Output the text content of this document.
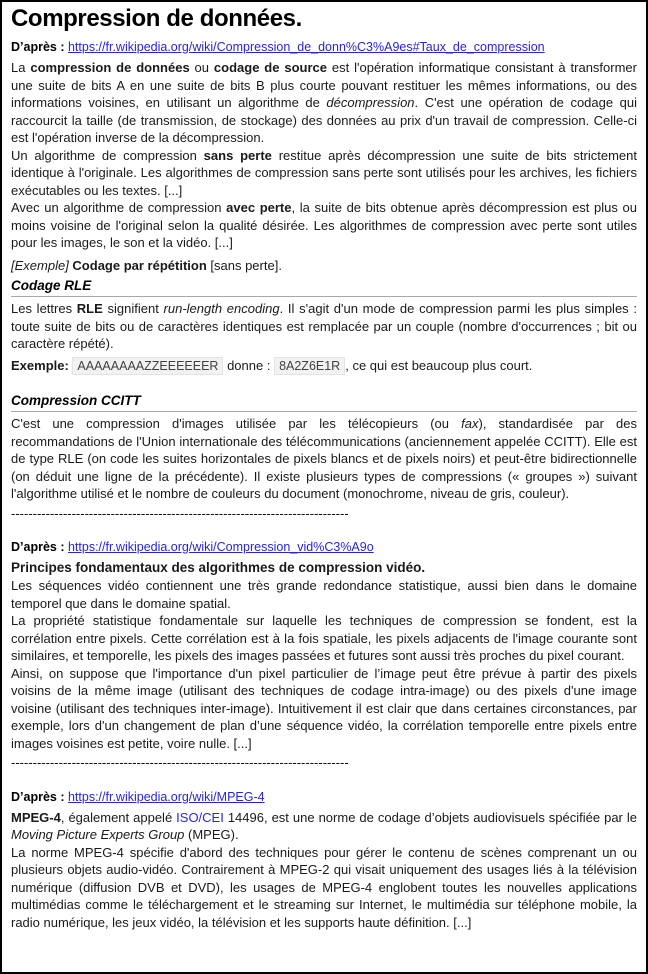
Compression de données.
D’après : https://fr.wikipedia.org/wiki/Compression_de_donn%C3%A9es#Taux_de_compression

La compression de données ou codage de source est l'opération informatique consistant à transformer une suite de bits A en une suite de bits B plus courte pouvant restituer les mêmes informations, ou des informations voisines, en utilisant un algorithme de décompression. C'est une opération de codage qui raccourcit la taille (de transmission, de stockage) des données au prix d'un travail de compression. Celle-ci est l'opération inverse de la décompression.

Un algorithme de compression sans perte restitue après décompression une suite de bits strictement identique à l'originale. Les algorithmes de compression sans perte sont utilisés pour les archives, les fichiers exécutables ou les textes. [...]

Avec un algorithme de compression avec perte, la suite de bits obtenue après décompression est plus ou moins voisine de l'original selon la qualité désirée. Les algorithmes de compression avec perte sont utiles pour les images, le son et la vidéo. [...]

[Exemple] Codage par répétition [sans perte].

Codage RLE

Les lettres RLE signifient run-length encoding. Il s'agit d'un mode de compression parmi les plus simples : toute suite de bits ou de caractères identiques est remplacée par un couple (nombre d'occurrences ; bit ou caractère répété).

Exemple: AAAAAAAAZZEEEEEER donne : 8A2Z6E1R , ce qui est beaucoup plus court.

Compression CCITT

C'est une compression d'images utilisée par les télécopieurs (ou fax), standardisée par des recommandations de l'Union internationale des télécommunications (anciennement appelée CCITT). Elle est de type RLE (on code les suites horizontales de pixels blancs et de pixels noirs) et peut-être bidirectionnelle (on déduit une ligne de la précédente). Il existe plusieurs types de compressions (« groupes ») suivant l'algorithme utilisé et le nombre de couleurs du document (monochrome, niveau de gris, couleur).

------------------------------------------------------------------------------
D’après : https://fr.wikipedia.org/wiki/Compression_vid%C3%A9o

Principes fondamentaux des algorithmes de compression vidéo.

Les séquences vidéo contiennent une très grande redondance statistique, aussi bien dans le domaine temporel que dans le domaine spatial.

La propriété statistique fondamentale sur laquelle les techniques de compression se fondent, est la corrélation entre pixels. Cette corrélation est à la fois spatiale, les pixels adjacents de l'image courante sont similaires, et temporelle, les pixels des images passées et futures sont aussi très proches du pixel courant.

Ainsi, on suppose que l'importance d'un pixel particulier de l’image peut être prévue à partir des pixels voisins de la même image (utilisant des techniques de codage intra-image) ou des pixels d'une image voisine (utilisant des techniques inter-image). Intuitivement il est clair que dans certaines circonstances, par exemple, lors d'un changement de plan d’une séquence vidéo, la corrélation temporelle entre pixels entre images voisines est petite, voire nulle. [...]

------------------------------------------------------------------------------
D’après : https://fr.wikipedia.org/wiki/MPEG-4

MPEG-4, également appelé ISO/CEI 14496, est une norme de codage d’objets audiovisuels spécifiée par le Moving Picture Experts Group (MPEG).

La norme MPEG-4 spécifie d'abord des techniques pour gérer le contenu de scènes comprenant un ou plusieurs objets audio-vidéo. Contrairement à MPEG-2 qui visait uniquement des usages liés à la télévision numérique (diffusion DVB et DVD), les usages de MPEG-4 englobent toutes les nouvelles applications multimédias comme le téléchargement et le streaming sur Internet, le multimédia sur téléphone mobile, la radio numérique, les jeux vidéo, la télévision et les supports haute définition. [...]
